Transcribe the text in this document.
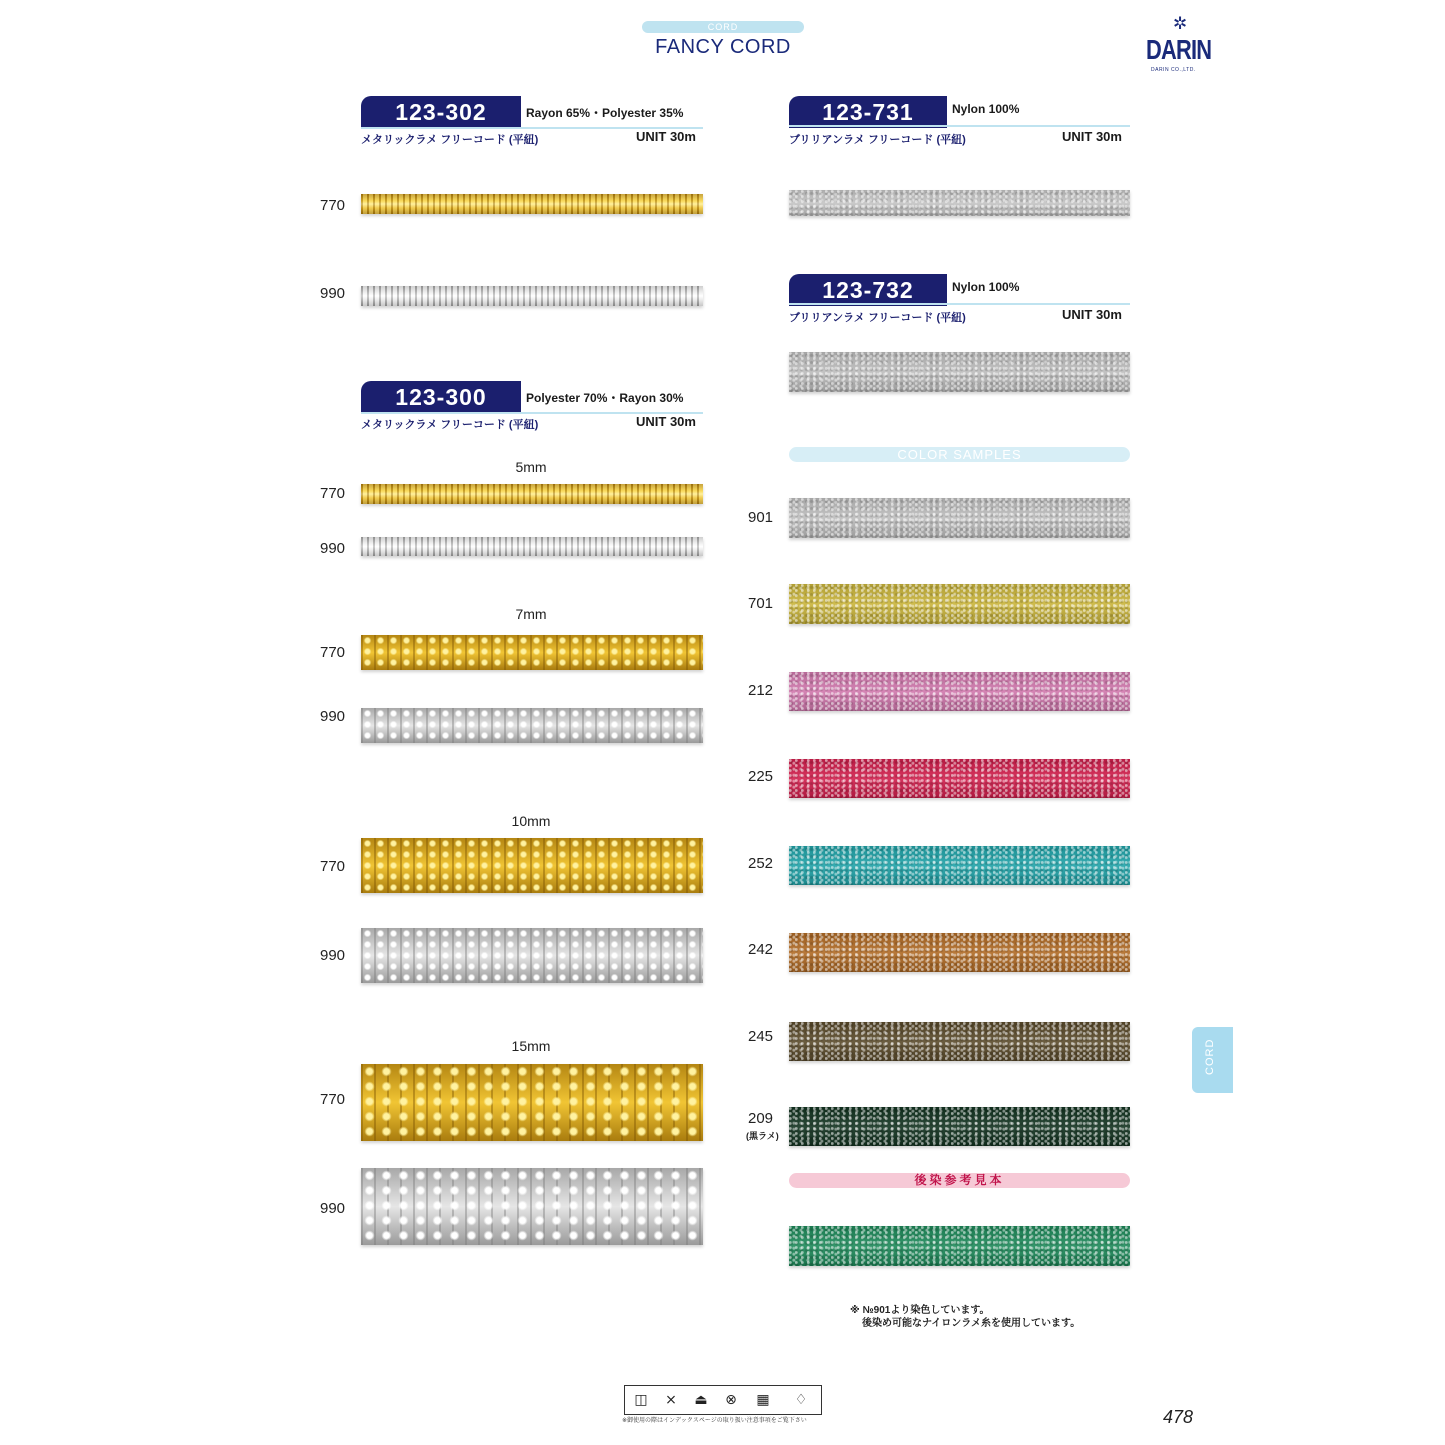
CORD
FANCY CORD
✲
DARIN
DARIN CO.,LTD.
123-302	Rayon 65%・Polyester 35%
メタリックラメ フリーコード (平紐)	UNIT 30m
770
990
123-300	Polyester 70%・Rayon 30%
メタリックラメ フリーコード (平紐)	UNIT 30m
5mm
770
990
7mm
770
990
10mm
770
990
15mm
770
990
123-731	Nylon 100%
ブリリアンラメ フリーコード (平紐)	UNIT 30m
123-732	Nylon 100%
ブリリアンラメ フリーコード (平紐)	UNIT 30m
COLOR SAMPLES
901
701
212
225
252
242
245
209
(黒ラメ)
後染参考見本
※ №901より染色しています。
後染め可能なナイロンラメ糸を使用しています。
CORD
◫	⨯	⏏	⊗	▦	♢
※御使用の際はインデックスページの取り扱い注意事項をご覧下さい	478
